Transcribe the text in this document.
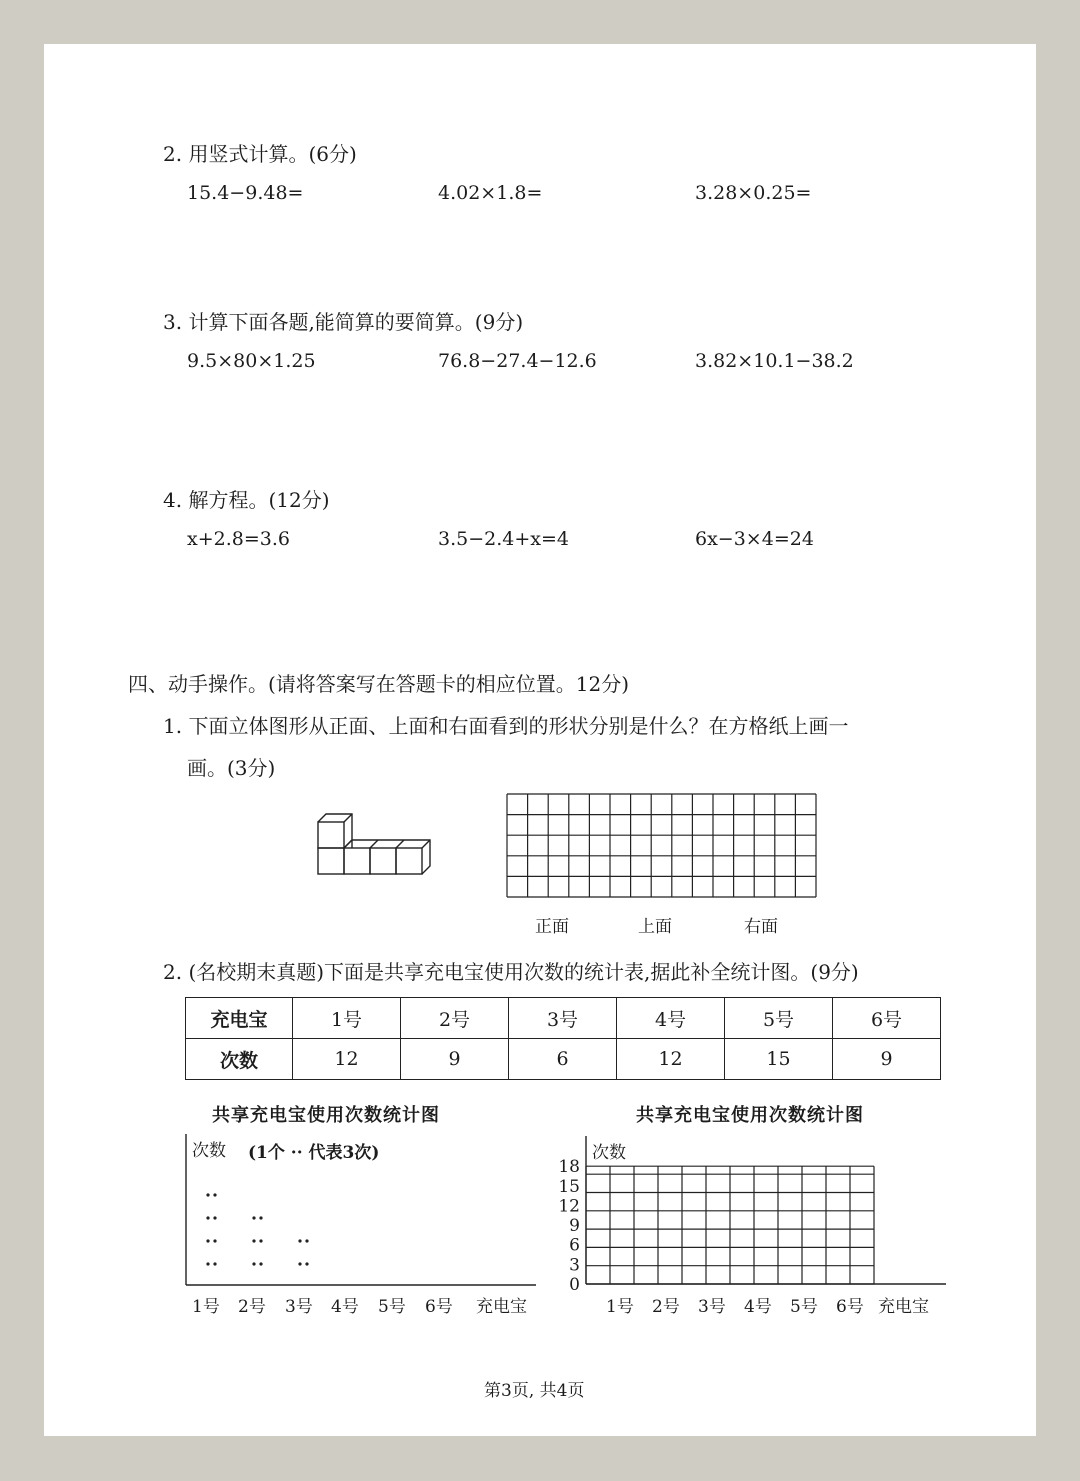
2. 用竖式计算。(6分)
15.4−9.48=	4.02×1.8=	3.28×0.25=
3. 计算下面各题,能简算的要简算。(9分)
9.5×80×1.25	76.8−27.4−12.6	3.82×10.1−38.2
4. 解方程。(12分)
x+2.8=3.6	3.5−2.4+x=4	6x−3×4=24
四、动手操作。(请将答案写在答题卡的相应位置。12分)
1. 下面立体图形从正面、上面和右面看到的形状分别是什么？在方格纸上画一
画。(3分)
正面	上面	右面
2. (名校期末真题)下面是共享充电宝使用次数的统计表,据此补全统计图。(9分)
充电宝	1号	2号	3号	4号	5号	6号
次数	12	9	6	12	15	9
共享充电宝使用次数统计图
次数 (1个 ·· 代表3次)
1号 2号 3号 4号 5号 6号 充电宝
共享充电宝使用次数统计图
次数
0
3
6
9
12
15
18
1号 2号 3号 4号 5号 6号 充电宝
第3页, 共4页
